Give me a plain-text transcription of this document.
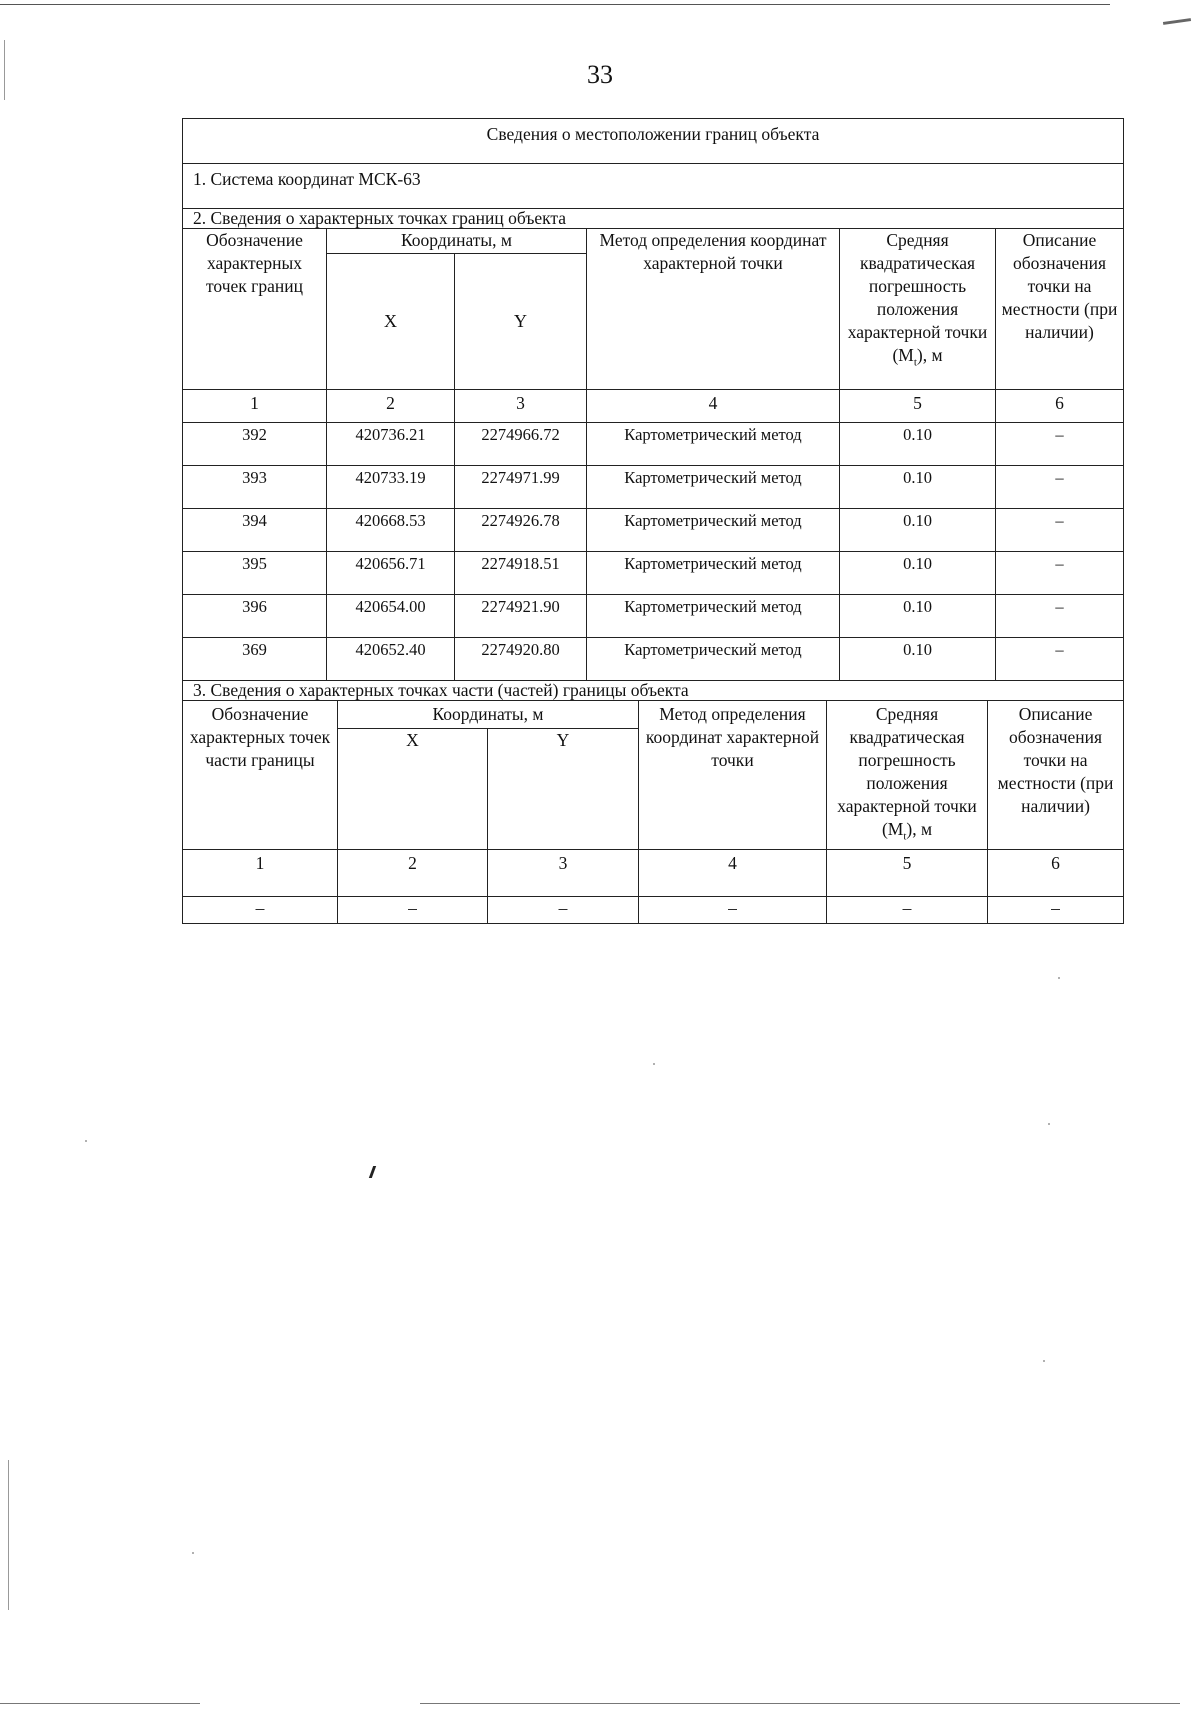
33
Сведения о местоположении границ объекта					
1. Система координат МСК-63					
2. Сведения о характерных точках границ объекта					
Обозначение характерных точек границ	Координаты, м		Метод определения координат характерной точки	Средняя квадратическая погрешность положения характерной точки $(M_t)$, м	Описание обозначения точки на местности (при наличии)
	X	Y			
1	2	3	4	5	6
392	420736.21	2274966.72	Картометрический метод	0.10	–
393	420733.19	2274971.99	Картометрический метод	0.10	–
394	420668.53	2274926.78	Картометрический метод	0.10	–
395	420656.71	2274918.51	Картометрический метод	0.10	–
396	420654.00	2274921.90	Картометрический метод	0.10	–
369	420652.40	2274920.80	Картометрический метод	0.10	–
3. Сведения о характерных точках части (частей) границы объекта					
Обозначение характерных точек части границы	Координаты, м		Метод определения координат характерной точки	Средняя квадратическая погрешность положения характерной точки $(M_t)$, м	Описание обозначения точки на местности (при наличии)
	X	Y			
1	2	3	4	5	6
–	–	–	–	–	–
